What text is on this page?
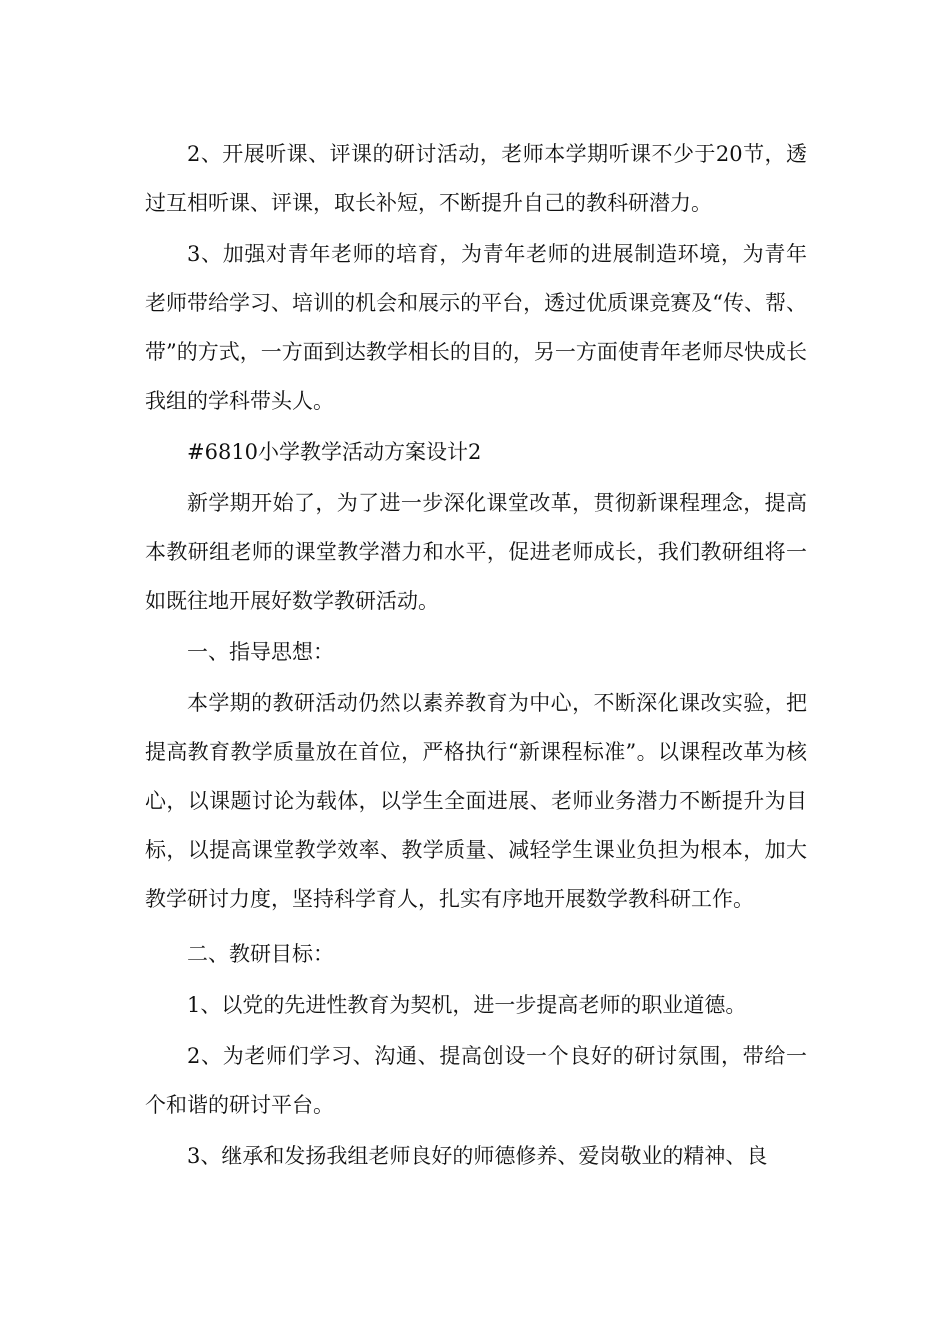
2、开展听课、评课的研讨活动，老师本学期听课不少于20节，透过互相听课、评课，取长补短，不断提升自己的教科研潜力。

3、加强对青年老师的培育，为青年老师的进展制造环境，为青年老师带给学习、培训的机会和展示的平台，透过优质课竞赛及“传、帮、带”的方式，一方面到达教学相长的目的，另一方面使青年老师尽快成长我组的学科带头人。

#6810小学教学活动方案设计2

新学期开始了，为了进一步深化课堂改革，贯彻新课程理念，提高本教研组老师的课堂教学潜力和水平，促进老师成长，我们教研组将一如既往地开展好数学教研活动。

一、指导思想：

本学期的教研活动仍然以素养教育为中心，不断深化课改实验，把提高教育教学质量放在首位，严格执行“新课程标准”。以课程改革为核心，以课题讨论为载体，以学生全面进展、老师业务潜力不断提升为目标，以提高课堂教学效率、教学质量、减轻学生课业负担为根本，加大教学研讨力度，坚持科学育人，扎实有序地开展数学教科研工作。

二、教研目标：

1、以党的先进性教育为契机，进一步提高老师的职业道德。

2、为老师们学习、沟通、提高创设一个良好的研讨氛围，带给一个和谐的研讨平台。

3、继承和发扬我组老师良好的师德修养、爱岗敬业的精神、良
